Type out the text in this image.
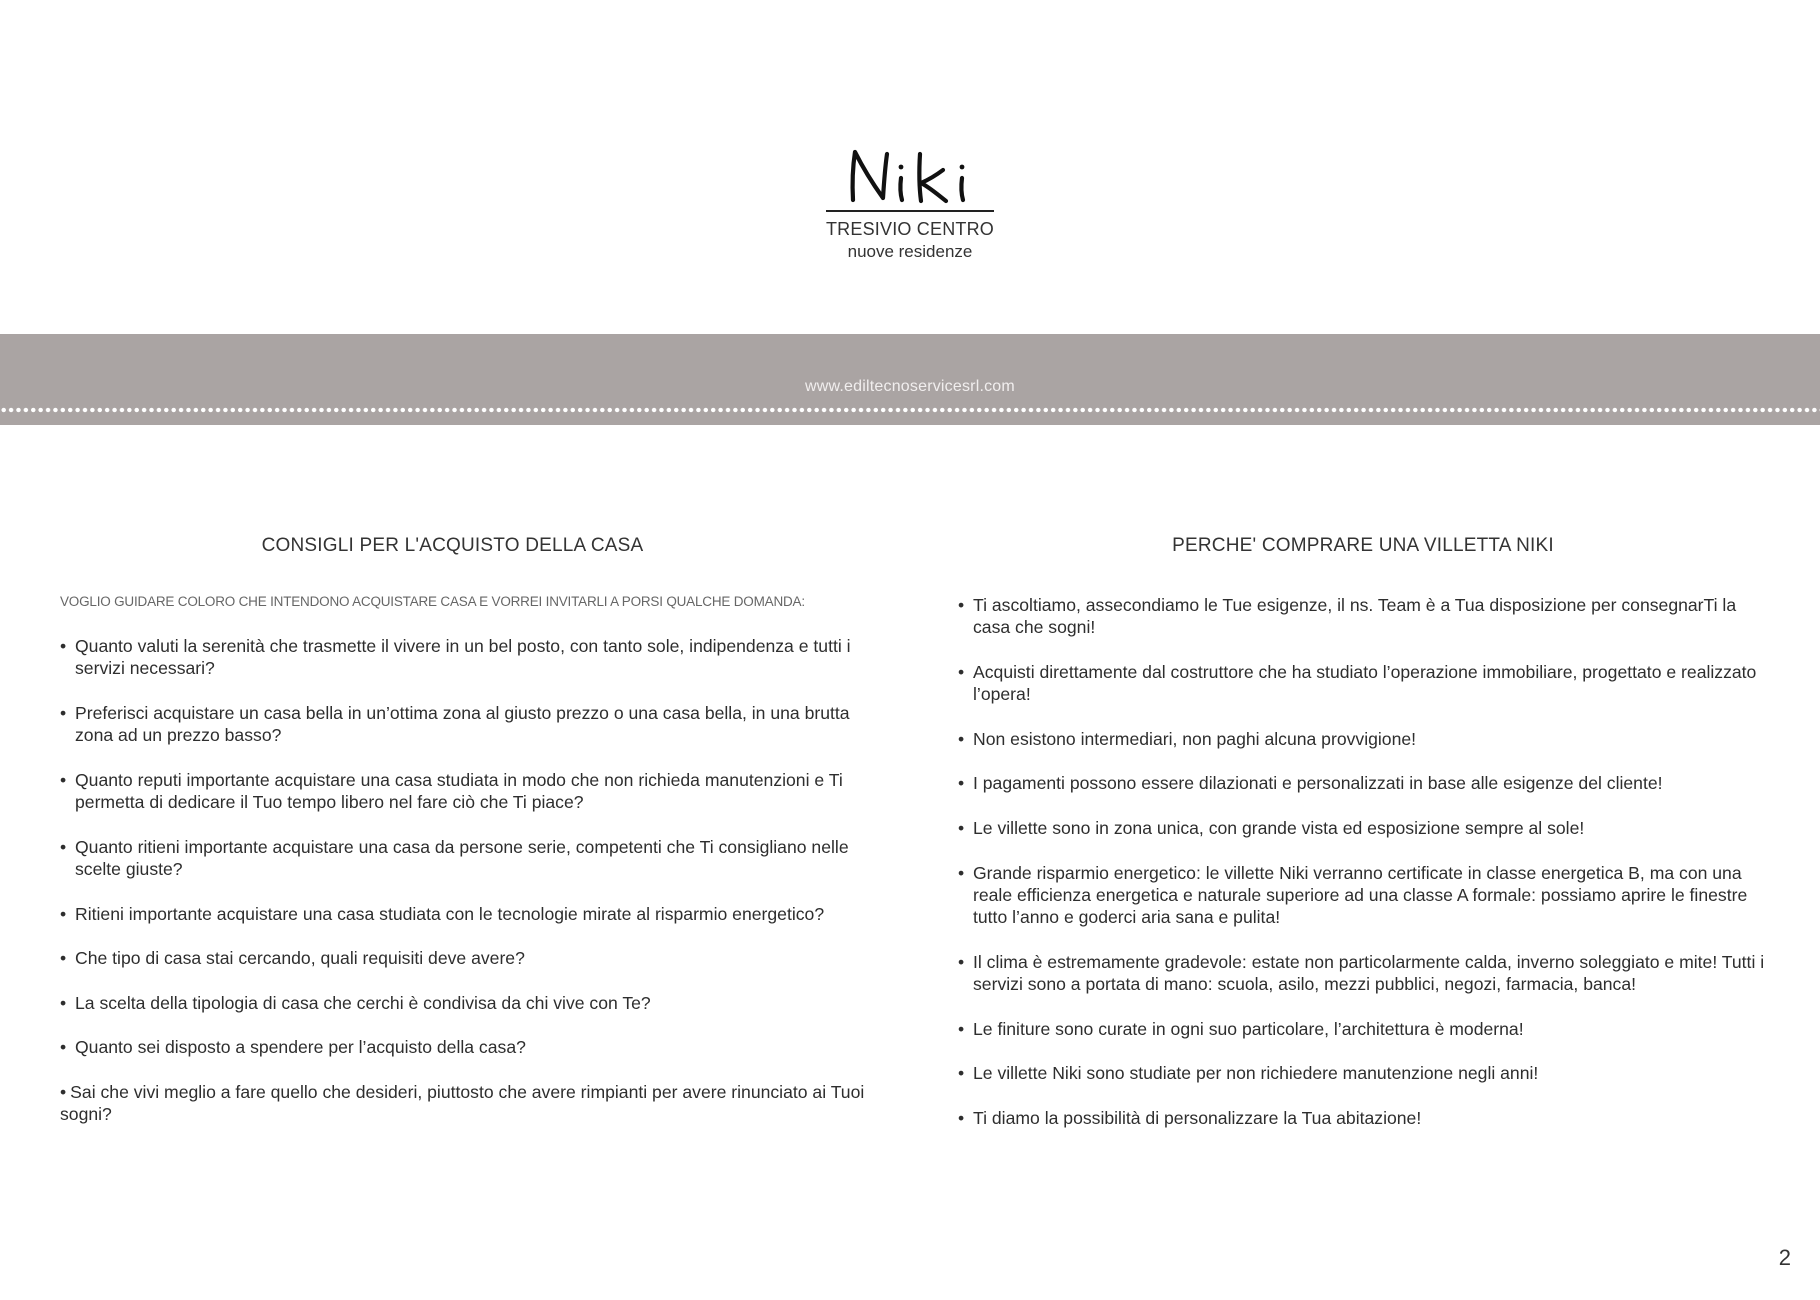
TRESIVIO CENTRO
nuove residenze
www.ediltecnoservicesrl.com
CONSIGLI PER L'ACQUISTO DELLA CASA

VOGLIO GUIDARE COLORO CHE INTENDONO ACQUISTARE CASA E VORREI INVITARLI A PORSI QUALCHE DOMANDA:

• Quanto valuti la serenità che trasmette il vivere in un bel posto, con tanto sole, indipendenza e tutti i servizi necessari?
• Preferisci acquistare un casa bella in un’ottima zona al giusto prezzo o una casa bella, in una brutta zona ad un prezzo basso?
• Quanto reputi importante acquistare una casa studiata in modo che non richieda manutenzioni e Ti permetta di dedicare il Tuo tempo libero nel fare ciò che Ti piace?
• Quanto ritieni importante acquistare una casa da persone serie, competenti che Ti consigliano nelle scelte giuste?
• Ritieni importante acquistare una casa studiata con le tecnologie mirate al risparmio energetico?
• Che tipo di casa stai cercando, quali requisiti deve avere?
• La scelta della tipologia di casa che cerchi è condivisa da chi vive con Te?
• Quanto sei disposto a spendere per l’acquisto della casa?
• Sai che vivi meglio a fare quello che desideri, piuttosto che avere rimpianti per avere rinunciato ai Tuoi sogni?
PERCHE' COMPRARE UNA VILLETTA NIKI
• Ti ascoltiamo, assecondiamo le Tue esigenze, il ns. Team è a Tua disposizione per consegnarTi la casa che sogni!
• Acquisti direttamente dal costruttore che ha studiato l’operazione immobiliare, progettato e realizzato l’opera!
• Non esistono intermediari, non paghi alcuna provvigione!
• I pagamenti possono essere dilazionati e personalizzati in base alle esigenze del cliente!
• Le villette sono in zona unica, con grande vista ed esposizione sempre al sole!
• Grande risparmio energetico: le villette Niki verranno certificate in classe energetica B, ma con una reale efficienza energetica e naturale superiore ad una classe A formale: possiamo aprire le finestre tutto l’anno e goderci aria sana e pulita!
• Il clima è estremamente gradevole: estate non particolarmente calda, inverno soleggiato e mite! Tutti i servizi sono a portata di mano: scuola, asilo, mezzi pubblici, negozi, farmacia, banca!
• Le finiture sono curate in ogni suo particolare, l’architettura è moderna!
• Le villette Niki sono studiate per non richiedere manutenzione negli anni!
• Ti diamo la possibilità di personalizzare la Tua abitazione!
2
